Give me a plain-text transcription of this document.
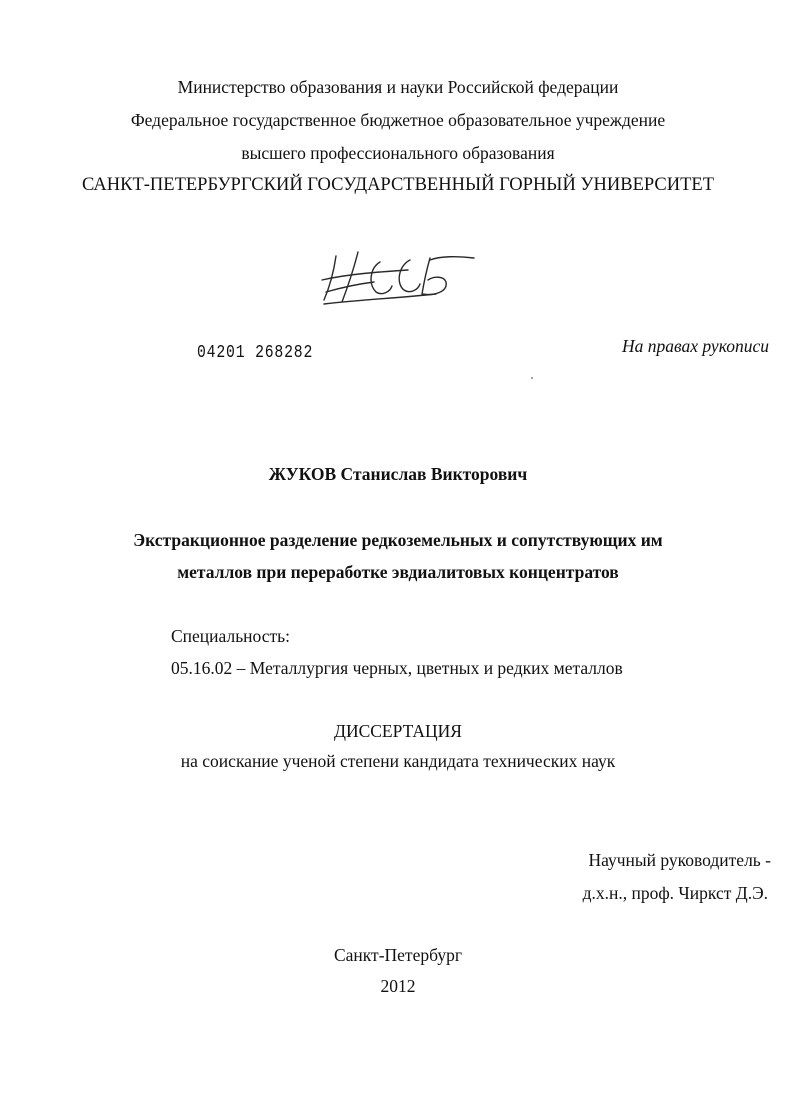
Министерство образования и науки Российской федерации
Федеральное государственное бюджетное образовательное учреждение
высшего профессионального образования
САНКТ-ПЕТЕРБУРГСКИЙ ГОСУДАРСТВЕННЫЙ ГОРНЫЙ УНИВЕРСИТЕТ
04201 268282	На правах рукописи
ЖУКОВ Станислав Викторович
Экстракционное разделение редкоземельных и сопутствующих им
металлов при переработке эвдиалитовых концентратов
Специальность:
05.16.02 – Металлургия черных, цветных и редких металлов
ДИССЕРТАЦИЯ
на соискание ученой степени кандидата технических наук
Научный руководитель -
д.х.н., проф. Чиркст Д.Э.
Санкт-Петербург
2012
